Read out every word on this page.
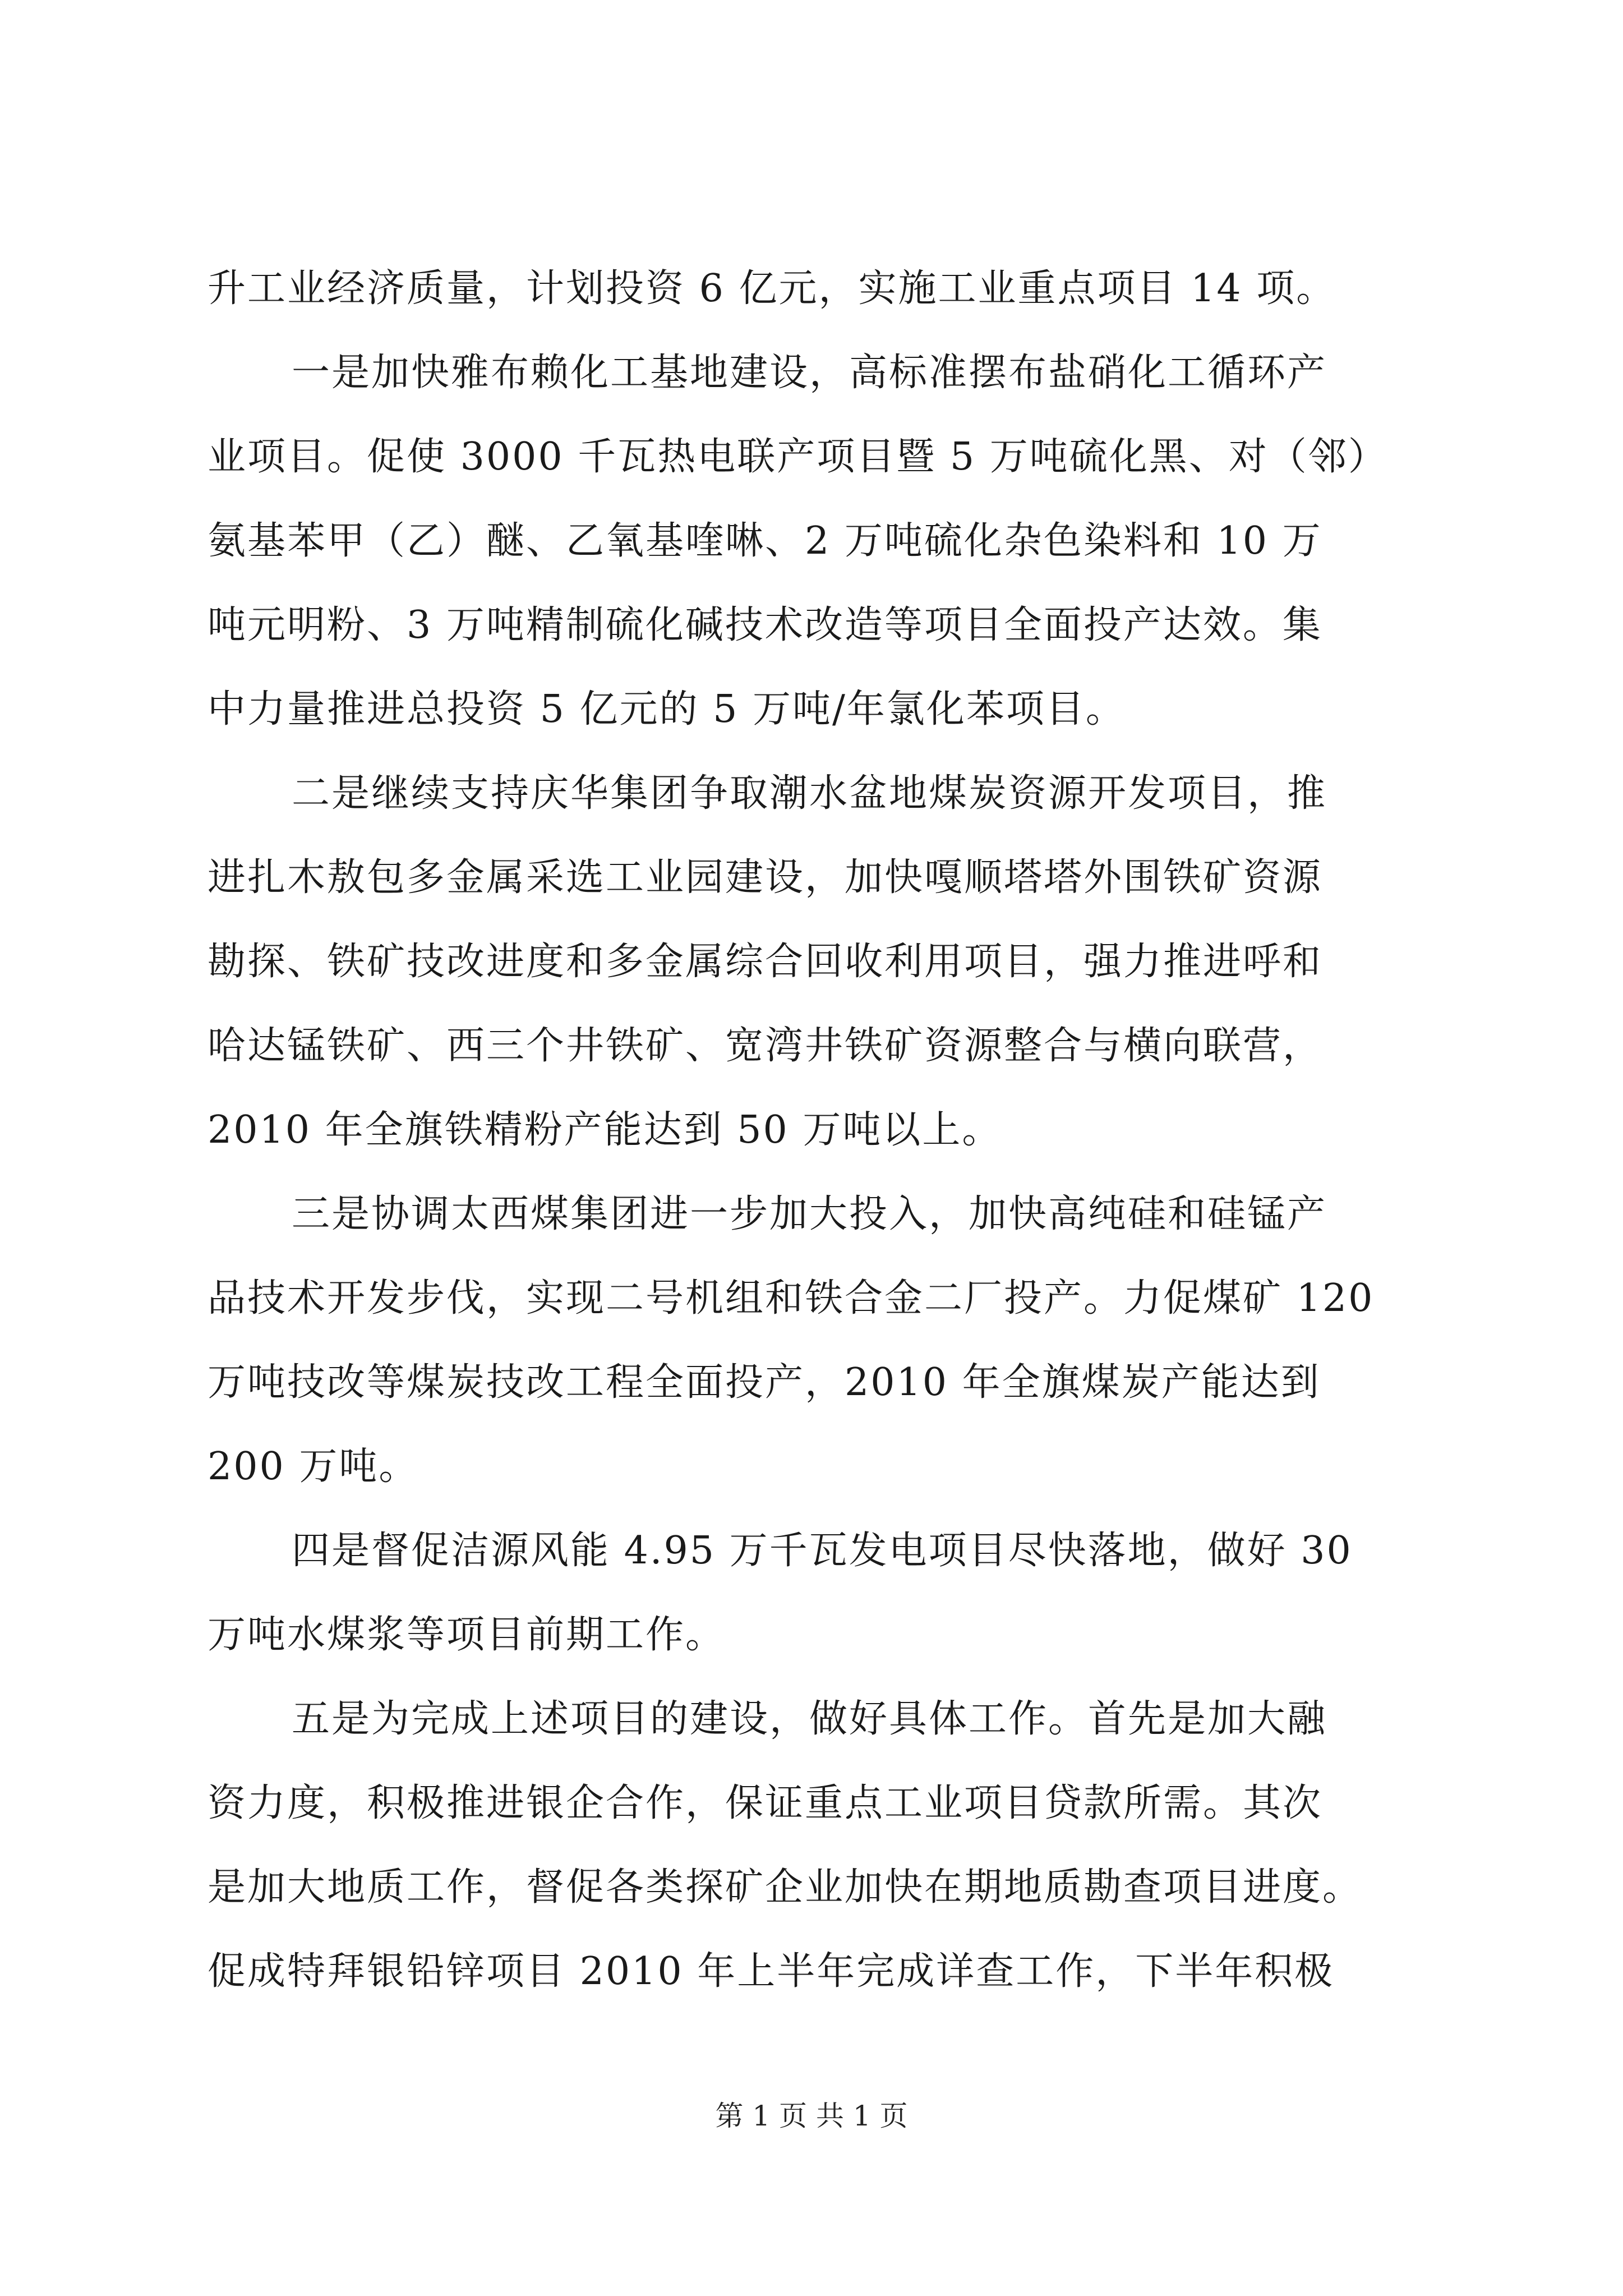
升工业经济质量，计划投资 6 亿元，实施工业重点项目 14 项。
一是加快雅布赖化工基地建设，高标准摆布盐硝化工循环产
业项目。促使 3000 千瓦热电联产项目暨 5 万吨硫化黑、对（邻）
氨基苯甲（乙）醚、乙氧基喹啉、2 万吨硫化杂色染料和 10 万
吨元明粉、3 万吨精制硫化碱技术改造等项目全面投产达效。集
中力量推进总投资 5 亿元的 5 万吨/年氯化苯项目。
二是继续支持庆华集团争取潮水盆地煤炭资源开发项目，推
进扎木敖包多金属采选工业园建设，加快嘎顺塔塔外围铁矿资源
勘探、铁矿技改进度和多金属综合回收利用项目，强力推进呼和
哈达锰铁矿、西三个井铁矿、宽湾井铁矿资源整合与横向联营，
2010 年全旗铁精粉产能达到 50 万吨以上。
三是协调太西煤集团进一步加大投入，加快高纯硅和硅锰产
品技术开发步伐，实现二号机组和铁合金二厂投产。力促煤矿 120
万吨技改等煤炭技改工程全面投产，2010 年全旗煤炭产能达到
200 万吨。
四是督促洁源风能 4.95 万千瓦发电项目尽快落地，做好 30
万吨水煤浆等项目前期工作。
五是为完成上述项目的建设，做好具体工作。首先是加大融
资力度，积极推进银企合作，保证重点工业项目贷款所需。其次
是加大地质工作，督促各类探矿企业加快在期地质勘查项目进度。
促成特拜银铅锌项目 2010 年上半年完成详查工作，下半年积极
第 1 页 共 1 页
